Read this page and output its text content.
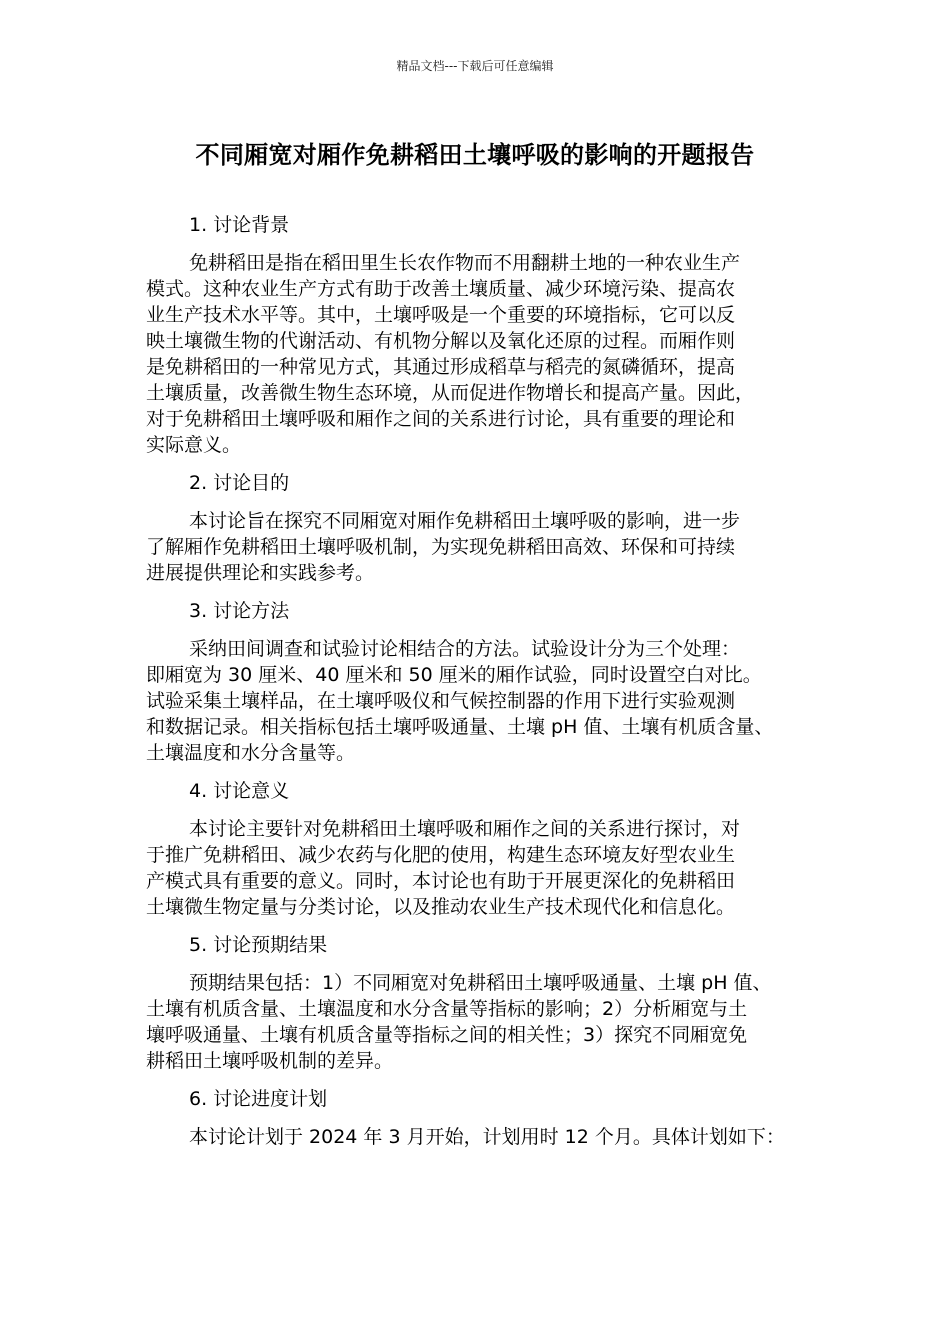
精品文档---下载后可任意编辑
不同厢宽对厢作免耕稻田土壤呼吸的影响的开题报告
1. 讨论背景
免耕稻田是指在稻田里生长农作物而不用翻耕土地的一种农业生产
模式。这种农业生产方式有助于改善土壤质量、减少环境污染、提高农
业生产技术水平等。其中，土壤呼吸是一个重要的环境指标，它可以反
映土壤微生物的代谢活动、有机物分解以及氧化还原的过程。而厢作则
是免耕稻田的一种常见方式，其通过形成稻草与稻壳的氮磷循环，提高
土壤质量，改善微生物生态环境，从而促进作物增长和提高产量。因此，
对于免耕稻田土壤呼吸和厢作之间的关系进行讨论，具有重要的理论和
实际意义。
2. 讨论目的
本讨论旨在探究不同厢宽对厢作免耕稻田土壤呼吸的影响，进一步
了解厢作免耕稻田土壤呼吸机制，为实现免耕稻田高效、环保和可持续
进展提供理论和实践参考。
3. 讨论方法
采纳田间调查和试验讨论相结合的方法。试验设计分为三个处理：
即厢宽为 30 厘米、40 厘米和 50 厘米的厢作试验，同时设置空白对比。
试验采集土壤样品，在土壤呼吸仪和气候控制器的作用下进行实验观测
和数据记录。相关指标包括土壤呼吸通量、土壤 pH 值、土壤有机质含量、
土壤温度和水分含量等。
4. 讨论意义
本讨论主要针对免耕稻田土壤呼吸和厢作之间的关系进行探讨，对
于推广免耕稻田、减少农药与化肥的使用，构建生态环境友好型农业生
产模式具有重要的意义。同时，本讨论也有助于开展更深化的免耕稻田
土壤微生物定量与分类讨论，以及推动农业生产技术现代化和信息化。
5. 讨论预期结果
预期结果包括：1）不同厢宽对免耕稻田土壤呼吸通量、土壤 pH 值、
土壤有机质含量、土壤温度和水分含量等指标的影响；2）分析厢宽与土
壤呼吸通量、土壤有机质含量等指标之间的相关性；3）探究不同厢宽免
耕稻田土壤呼吸机制的差异。
6. 讨论进度计划
本讨论计划于 2024 年 3 月开始，计划用时 12 个月。具体计划如下：
